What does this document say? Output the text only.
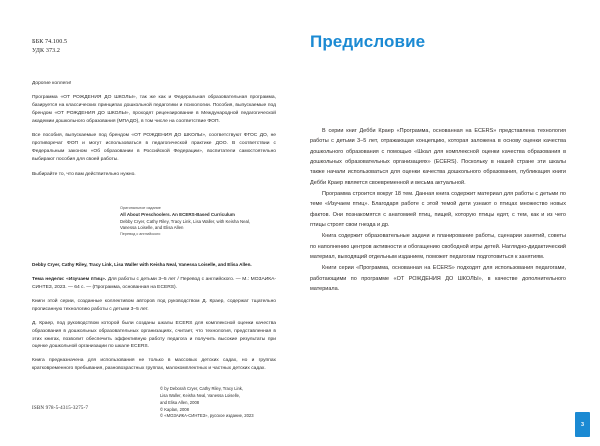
ББК 74.100.5
УДК 373.2
Дорогие коллеги!
Программа «ОТ РОЖДЕНИЯ ДО ШКОЛЫ», так же как и Федеральная образовательная программа, базируется на классических принципах дошкольной педагогики и психологии. Пособия, выпускаемые под брендом «ОТ РОЖДЕНИЯ ДО ШКОЛЫ», проходят рецензирование в Международной педагогической академии дошкольного образования (МПАДО), в том числе на соответствие ФОП.
Все пособия, выпускаемые под брендом «ОТ РОЖДЕНИЯ ДО ШКОЛЫ», соответствуют ФГОС ДО, не противоречат ФОП и могут использоваться в педагогической практике ДОО. В соответствии с Федеральным законом «Об образовании в Российской Федерации», воспитатели самостоятельно выбирают пособия для своей работы.
Выбирайте то, что вам действительно нужно.
Оригинальное издание
All About Preschoolers. An ECERS-Based Curriculum
Debby Cryer, Cathy Riley, Tracy Link, Lisa Waller, with Keisha Neal,
Vanessa Loiselle, and Elisa Allen
Перевод с английского
Debby Cryer, Cathy Riley, Tracy Link, Lisa Waller with Keisha Neal, Vanessa Loiselle, and Elisa Allen.
Тема недели: «Изучаем птиц». Для работы с детьми 3–5 лет / Перевод с английского. — М.: МОЗАИКА-СИНТЕЗ, 2023. — 64 с. — (Программа, основанная на ECERS).
Книги этой серии, созданные коллективом авторов под руководством Д. Краер, содержат тщательно прописанную технологию работы с детьми 3–5 лет.
Д. Краер, под руководством которой были созданы шкалы ECERS для комплексной оценки качества образования в дошкольных образовательных организациях, считает, что технология, представленная в этих книгах, позволит обеспечить эффективную работу педагога и получить высокие результаты при оценке дошкольной организации по шкале ECERS.
Книга предназначена для использования не только в массовых детских садах, но и группах кратковременного пребывания, разновозрастных группах, малокомплектных и частных детских садах.
© by Deborah Cryer, Cathy Riley, Tracy Link,
Lisa Waller, Keisha Neal, Vanessa Loiselle,
and Elisa Allen, 2008
© Kaplan, 2008
© «МОЗАИКА-СИНТЕЗ», русское издание, 2023
ISBN 978-5-4315-3275-7
Предисловие

В серии книг Дебби Краер «Программа, основанная на ECERS» представлена технология работы с детьми 3–5 лет, отражающая концепцию, которая заложена в основу оценки качества дошкольного образования с помощью «Шкал для комплексной оценки качества образования в дошкольных образовательных организациях» (ECERS). Поскольку в нашей стране эти шкалы также начали использоваться для оценки качества дошкольного образования, публикация книги Дебби Краер является своевременной и весьма актуальной.

Программа строится вокруг 18 тем. Данная книга содержит материал для работы с детьми по теме «Изучаем птиц». Благодаря работе с этой темой дети узнают о птицах множество новых фактов. Они познакомятся с анатомией птиц, пищей, которую птицы едят, с тем, как и из чего птицы строят свои гнезда и др.

Книга содержит образовательные задачи и планирование работы, сценарии занятий, советы по наполнению центров активности и обогащению свободной игры детей. Наглядно-дидактический материал, выходящий отдельным изданием, поможет педагогам подготовиться к занятиям.

Книги серии «Программа, основанная на ECERS» подходят для использования педагогами, работающими по программе «ОТ РОЖДЕНИЯ ДО ШКОЛЫ», в качестве дополнительного материала.

3
